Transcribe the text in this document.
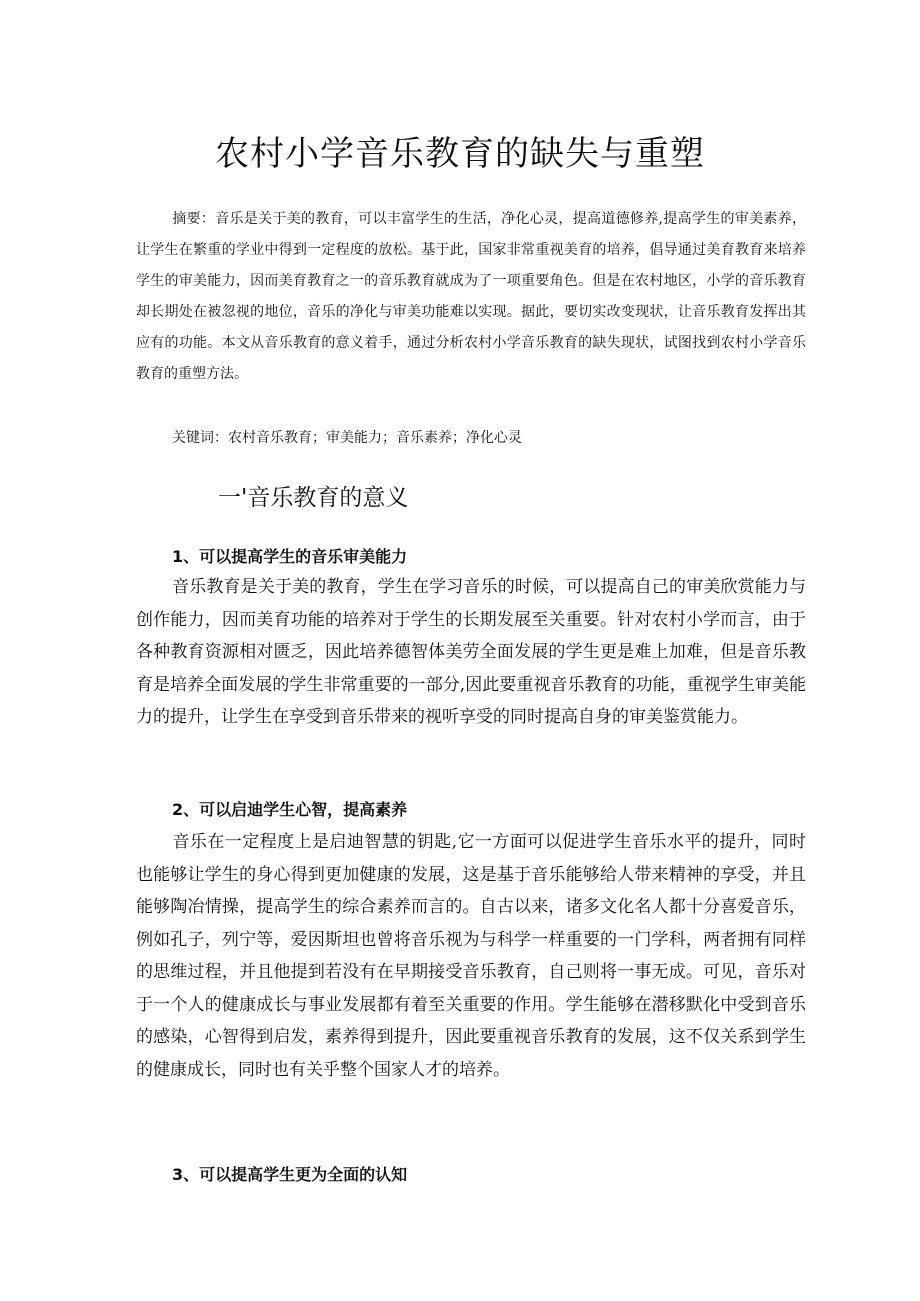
农村小学音乐教育的缺失与重塑

摘要：音乐是关于美的教育，可以丰富学生的生活，净化心灵，提高道德修养,提高学生的审美素养，让学生在繁重的学业中得到一定程度的放松。基于此，国家非常重视美育的培养，倡导通过美育教育来培养学生的审美能力，因而美育教育之一的音乐教育就成为了一项重要角色。但是在农村地区，小学的音乐教育却长期处在被忽视的地位，音乐的净化与审美功能难以实现。据此，要切实改变现状，让音乐教育发挥出其应有的功能。本文从音乐教育的意义着手，通过分析农村小学音乐教育的缺失现状，试图找到农村小学音乐教育的重塑方法。

关键词：农村音乐教育；审美能力；音乐素养；净化心灵

一'音乐教育的意义
1、可以提高学生的音乐审美能力

音乐教育是关于美的教育，学生在学习音乐的时候，可以提高自己的审美欣赏能力与创作能力，因而美育功能的培养对于学生的长期发展至关重要。针对农村小学而言，由于各种教育资源相对匮乏，因此培养德智体美劳全面发展的学生更是难上加难，但是音乐教育是培养全面发展的学生非常重要的一部分,因此要重视音乐教育的功能，重视学生审美能力的提升，让学生在享受到音乐带来的视听享受的同时提高自身的审美鉴赏能力。

2、可以启迪学生心智，提高素养

音乐在一定程度上是启迪智慧的钥匙,它一方面可以促进学生音乐水平的提升，同时也能够让学生的身心得到更加健康的发展，这是基于音乐能够给人带来精神的享受，并且能够陶冶情操，提高学生的综合素养而言的。自古以来，诸多文化名人都十分喜爱音乐，例如孔子，列宁等，爱因斯坦也曾将音乐视为与科学一样重要的一门学科，两者拥有同样的思维过程，并且他提到若没有在早期接受音乐教育，自己则将一事无成。可见，音乐对于一个人的健康成长与事业发展都有着至关重要的作用。学生能够在潜移默化中受到音乐的感染，心智得到启发，素养得到提升，因此要重视音乐教育的发展，这不仅关系到学生的健康成长，同时也有关乎整个国家人才的培养。

3、可以提高学生更为全面的认知
